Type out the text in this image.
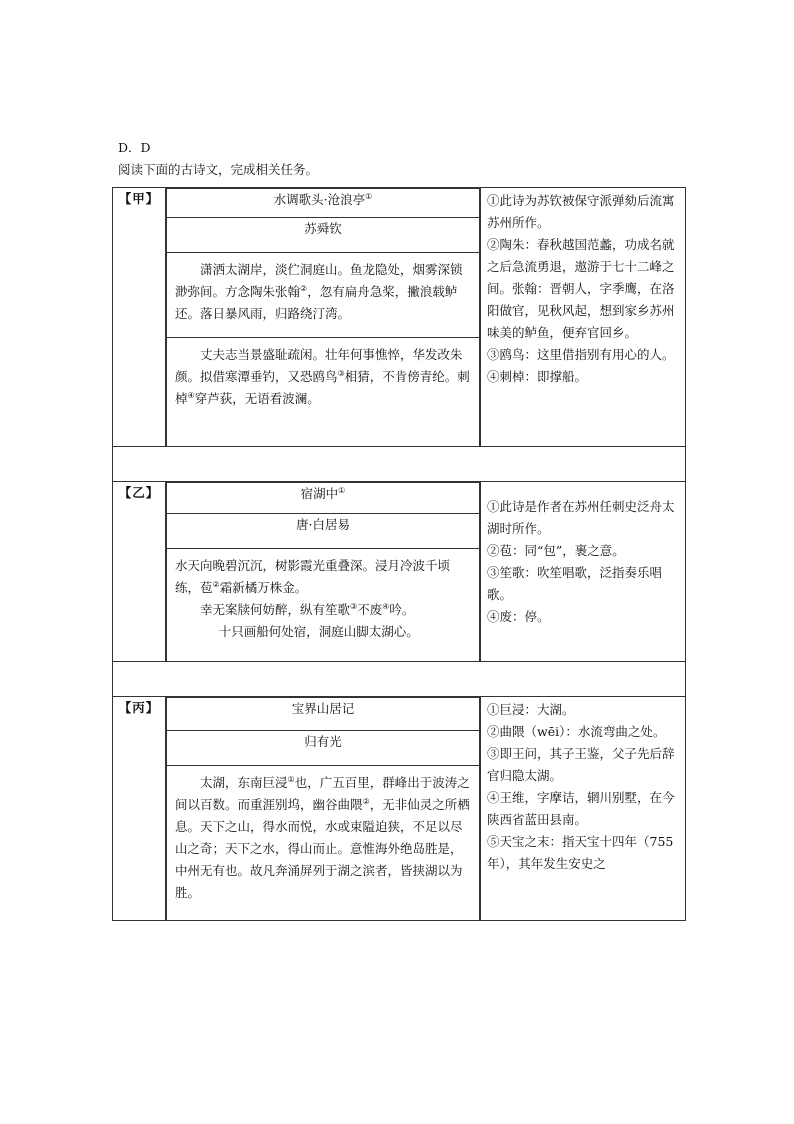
D．D
阅读下面的古诗文，完成相关任务。
【甲】		水调歌头·沧浪亭①
苏舜钦

潇洒太湖岸，淡伫洞庭山。鱼龙隐处，烟雾深锁渺弥间。方念陶朱张翰②，忽有扁舟急桨，撇浪载鲈还。落日暴风雨，归路绕汀湾。

丈夫志当景盛耻疏闲。壮年何事憔悴，华发改朱颜。拟借寒潭垂钓，又恐鸥鸟③相猜，不肯傍青纶。刺棹④穿芦荻，无语看波澜。

①此诗为苏钦被保守派弹劾后流寓苏州所作。

②陶朱：春秋越国范蠡，功成名就之后急流勇退，遨游于七十二峰之间。张翰：晋朝人，字季鹰，在洛阳做官，见秋风起，想到家乡苏州味美的鲈鱼，便弃官回乡。

③鸥鸟：这里借指别有用心的人。

④刺棹：即撑船。

【乙】		宿湖中①
唐·白居易

水天向晚碧沉沉，树影霞光重叠深。浸月冷波千顷练，苞②霜新橘万株金。

幸无案牍何妨醉，纵有笙歌③不废④吟。

十只画船何处宿，洞庭山脚太湖心。

①此诗是作者在苏州任刺史泛舟太湖时所作。

②苞：同“包”，裹之意。

③笙歌：吹笙唱歌，泛指奏乐唱歌。

④废：停。

【丙】		宝界山居记
归有光

太湖，东南巨浸①也，广五百里，群峰出于波涛之间以百数。而重涯别坞，幽谷曲隈②，无非仙灵之所栖息。天下之山，得水而悦，水或束隘迫狭，不足以尽山之奇；天下之水，得山而止。意惟海外绝岛胜是，中州无有也。故凡奔涌屏列于湖之滨者，皆挟湖以为胜。

①巨浸：大湖。

②曲隈（wēi）：水流弯曲之处。

③即王问，其子王鉴，父子先后辞官归隐太湖。

④王维，字摩诘，辋川别墅，在今陕西省蓝田县南。

⑤天宝之末：指天宝十四年（755年），其年发生安史之
